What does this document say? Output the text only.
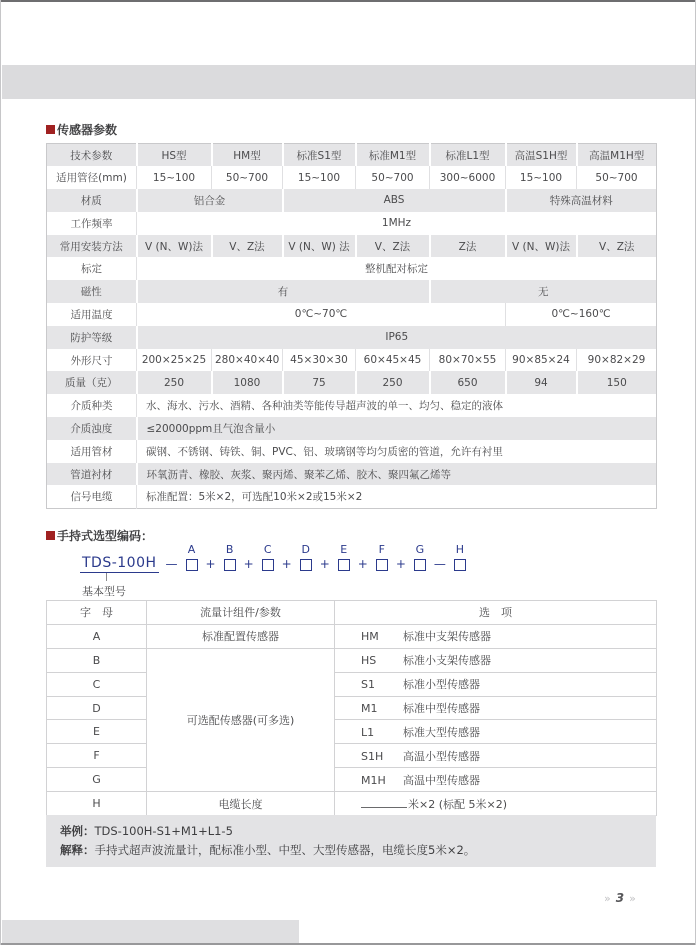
传感器参数
技术参数	HS型	HM型	标准S1型	标准M1型	标准L1型	高温S1H型	高温M1H型
适用管径(mm)	15~100	50~700	15~100	50~700	300~6000	15~100	50~700
材质	铝合金		ABS			特殊高温材料	
工作频率	1MHz						
常用安装方法	V (N、W)法	V、Z法	V (N、W) 法	V、Z法	Z法	V (N、W)法	V、Z法
标定	整机配对标定						
磁性	有				无		
适用温度	0℃~70℃					0℃~160℃	
防护等级	IP65						
外形尺寸	200×25×25	280×40×40	45×30×30	60×45×45	80×70×55	90×85×24	90×82×29
质量（克）	250	1080	75	250	650	94	150
介质种类	水、海水、污水、酒精、各种油类等能传导超声波的单一、均匀、稳定的液体						
介质浊度	≤20000ppm且气泡含量小						
适用管材	碳钢、不锈钢、铸铁、铜、PVC、铝、玻璃钢等均匀质密的管道，允许有衬里						
管道衬材	环氧沥青、橡胶、灰浆、聚丙烯、聚苯乙烯、胶木、聚四氟乙烯等						
信号电缆	标准配置：5米×2，可选配10米×2或15米×2						
手持式选型编码：
TDS-100H
基本型号
—
A
+
B
+
C
+
D
+
E
+
F
+
G
—
H
字　母	流量计组件/参数	选　项
A	标准配置传感器	HM 标准中支架传感器
B	可选配传感器(可多选)	HS 标准小支架传感器
C		S1 标准小型传感器
D		M1 标准中型传感器
E		L1 标准大型传感器
F		S1H 高温小型传感器
G		M1H 高温中型传感器
H	电缆长度	米×2 (标配 5米×2)
举例：TDS-100H-S1+M1+L1-5
解释：手持式超声波流量计，配标准小型、中型、大型传感器，电缆长度5米×2。
» 3 »
